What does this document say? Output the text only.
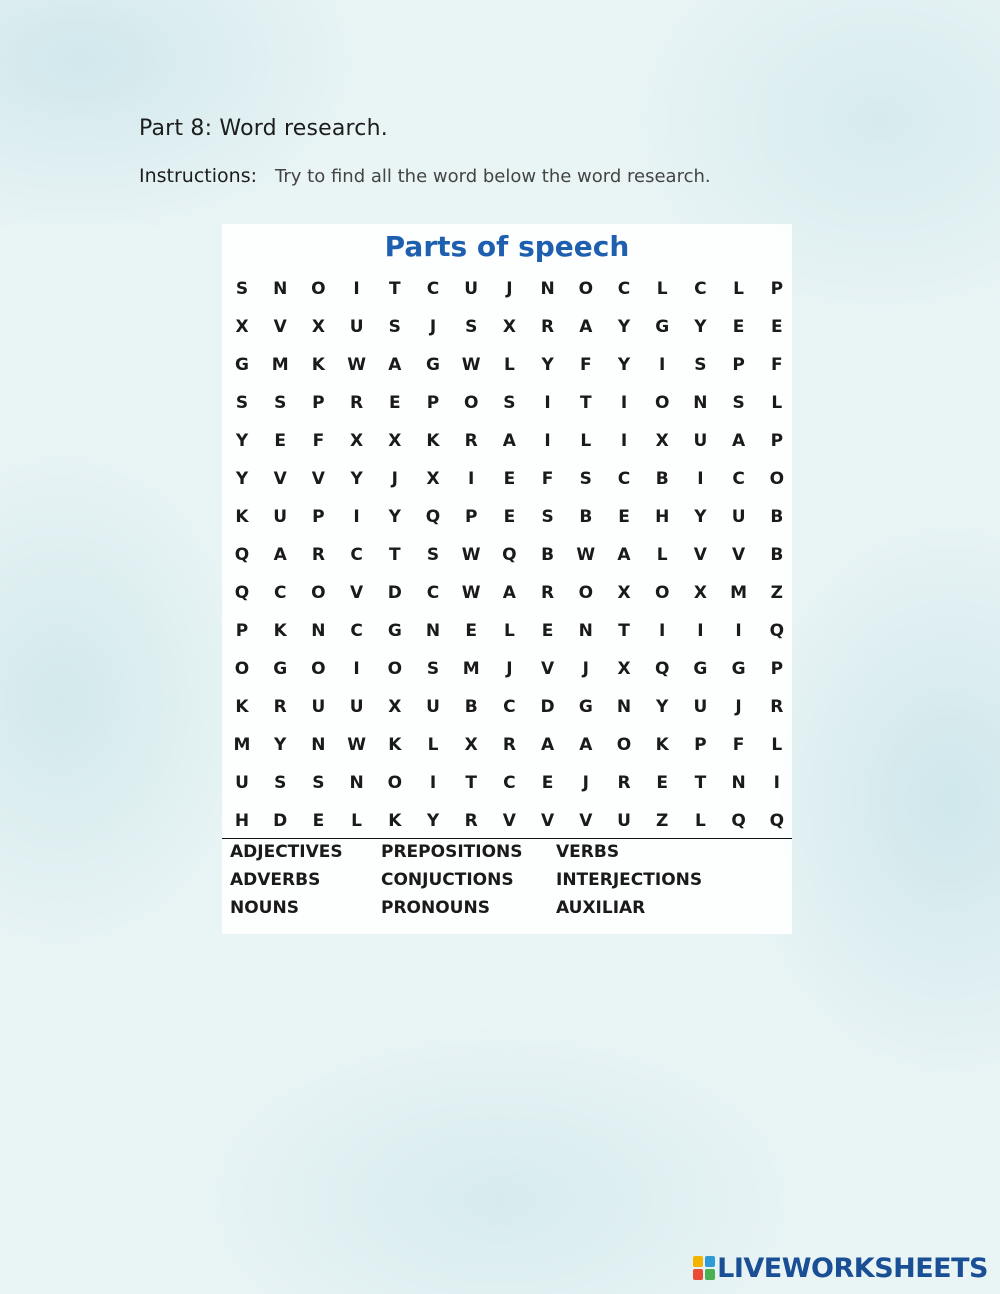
Part 8: Word research.
Instructions: Try to find all the word below the word research.
Parts of speech
S	N	O	I	T	C	U	J	N	O	C	L	C	L	P
X	V	X	U	S	J	S	X	R	A	Y	G	Y	E	E
G	M	K	W	A	G	W	L	Y	F	Y	I	S	P	F
S	S	P	R	E	P	O	S	I	T	I	O	N	S	L
Y	E	F	X	X	K	R	A	I	L	I	X	U	A	P
Y	V	V	Y	J	X	I	E	F	S	C	B	I	C	O
K	U	P	I	Y	Q	P	E	S	B	E	H	Y	U	B
Q	A	R	C	T	S	W	Q	B	W	A	L	V	V	B
Q	C	O	V	D	C	W	A	R	O	X	O	X	M	Z
P	K	N	C	G	N	E	L	E	N	T	I	I	I	Q
O	G	O	I	O	S	M	J	V	J	X	Q	G	G	P
K	R	U	U	X	U	B	C	D	G	N	Y	U	J	R
M	Y	N	W	K	L	X	R	A	A	O	K	P	F	L
U	S	S	N	O	I	T	C	E	J	R	E	T	N	I
H	D	E	L	K	Y	R	V	V	V	U	Z	L	Q	Q
ADJECTIVES PREPOSITIONS VERBS
ADVERBS	CONJUCTIONS INTERJECTIONS
NOUNS	PRONOUNS	AUXILIAR
LIVEWORKSHEETS
